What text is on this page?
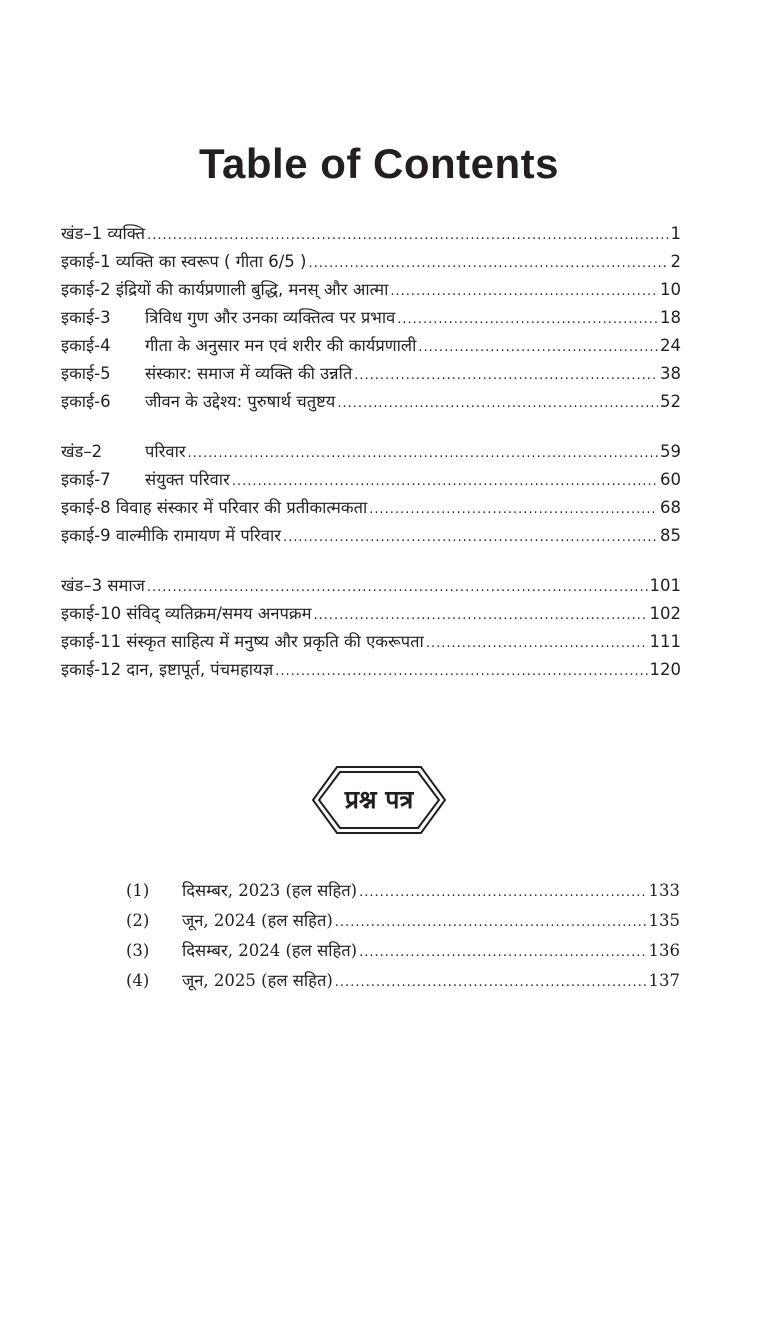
Table of Contents
खंड–1 व्यक्ति .....	1
इकाई-1 व्यक्ति का स्वरूप ( गीता 6/5 ) .....	2
इकाई-2 इंद्रियों की कार्यप्रणाली बुद्धि, मनस् और आत्मा .....	10
इकाई-3 त्रिविध गुण और उनका व्यक्तित्व पर प्रभाव .....	18
इकाई-4 गीता के अनुसार मन एवं शरीर की कार्यप्रणाली .....	24
इकाई-5 संस्कार: समाज में व्यक्ति की उन्नति .....	38
इकाई-6 जीवन के उद्देश्य: पुरुषार्थ चतुष्टय .....	52
खंड–2	परिवार .....	59
इकाई-7 संयुक्त परिवार .....	60
इकाई-8 विवाह संस्कार में परिवार की प्रतीकात्मकता .....	68
इकाई-9 वाल्मीकि रामायण में परिवार .....	85
खंड–3 समाज .....	101
इकाई-10 संविद् व्यतिक्रम/समय अनपक्रम .....	102
इकाई-11 संस्कृत साहित्य में मनुष्य और प्रकृति की एकरूपता .....	111
इकाई-12 दान, इष्टापूर्त, पंचमहायज्ञ .....	120
प्रश्न पत्र
(1)	दिसम्बर, 2023 (हल सहित) .....	133
(2)	जून, 2024 (हल सहित) .....	135
(3)	दिसम्बर, 2024 (हल सहित) .....	136
(4)	जून, 2025 (हल सहित) .....	137
